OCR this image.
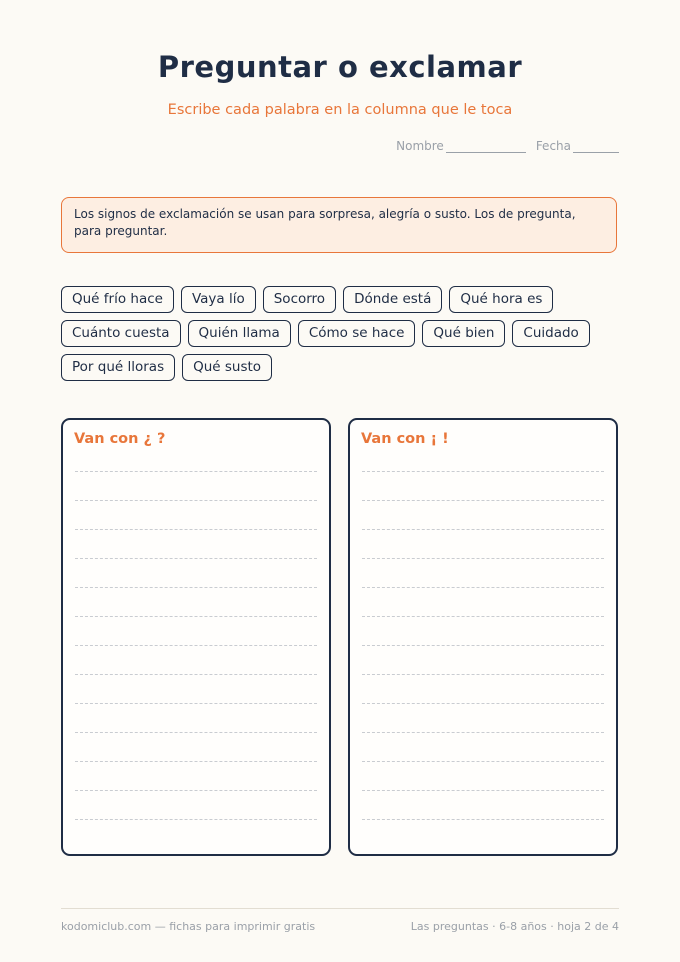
Preguntar o exclamar
Escribe cada palabra en la columna que le toca
Nombre	Fecha
Los signos de exclamación se usan para sorpresa, alegría o susto. Los de pregunta, para preguntar.
Qué frío hace	Vaya lío	Socorro	Dónde está	Qué hora es
Cuánto cuesta	Quién llama	Cómo se hace	Qué bien	Cuidado
Por qué lloras	Qué susto
Van con ¿ ?	Van con ¡ !
kodomiclub.com — fichas para imprimir gratis	Las preguntas · 6-8 años · hoja 2 de 4
